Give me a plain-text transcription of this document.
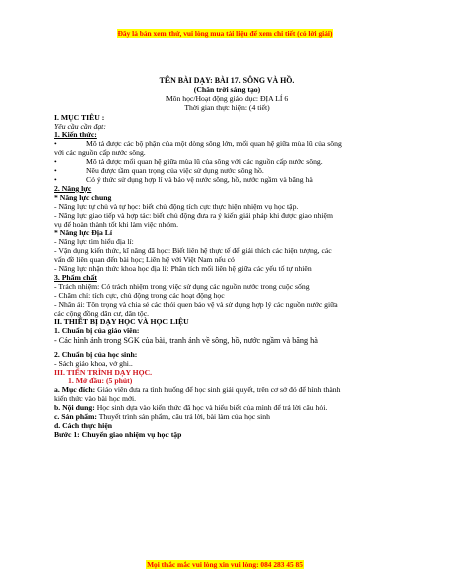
Đây là bản xem thử, vui lòng mua tài liệu để xem chi tiết (có lời giải)

TÊN BÀI DẠY: BÀI 17. SÔNG VÀ HỒ.

(Chân trời sáng tạo)

Môn học/Hoạt động giáo dục: ĐỊA LÍ 6

Thời gian thực hiện: (4 tiết)

I. MỤC TIÊU :

Yêu cầu cần đạt:

1. Kiến thức:

•	Mô tả được các bộ phận của một dòng sông lớn, mối quan hệ giữa mùa lũ của sông

với các nguồn cấp nước sông.

•	Mô tả được mối quan hệ giữa mùa lũ của sông với các nguồn cấp nước sông.
•	Nêu được tầm quan trọng của việc sử dụng nước sông hồ.
•	Có ý thức sử dụng hợp lí và bảo vệ nước sông, hồ, nước ngầm và băng hà

2. Năng lực

* Năng lực chung

- Năng lực tự chủ và tự học: biết chủ động tích cực thực hiện nhiệm vụ học tập.

- Năng lực giao tiếp và hợp tác: biết chủ động đưa ra ý kiến giải pháp khi được giao nhiệm

vụ để hoàn thành tốt khi làm việc nhóm.

* Năng lực Địa Lí

- Năng lực tìm hiểu địa lí:

- Vận dụng kiến thức, kĩ năng đã học: Biết liên hệ thực tế để giải thích các hiện tượng, các

vấn đề liên quan đến bài học; Liên hệ với Việt Nam nếu có

- Năng lực nhận thức khoa học địa lí: Phân tích mối liên hệ giữa các yếu tố tự nhiên

3. Phẩm chất

- Trách nhiệm: Có trách nhiệm trong việc sử dụng các nguồn nước trong cuộc sống

- Chăm chỉ: tích cực, chủ động trong các hoạt động học

- Nhân ái: Tôn trọng và chia sẻ các thói quen bảo vệ và sử dụng hợp lý các nguồn nước giữa

các cộng đồng dân cư, dân tộc.

II. THIẾT BỊ DẠY HỌC VÀ HỌC LIỆU

1. Chuẩn bị của giáo viên:

- Các hình ảnh trong SGK của bài, tranh ảnh về sông, hồ, nước ngầm và băng hà

2. Chuẩn bị của học sinh:

- Sách giáo khoa, vở ghi..

III. TIẾN TRÌNH DẠY HỌC.

1. Mở đầu: (5 phút)

a. Mục đích: Giáo viên đưa ra tình huống để học sinh giải quyết, trên cơ sở đó để hình thành

kiến thức vào bài học mới.

b. Nội dung: Học sinh dựa vào kiến thức đã học và hiểu biết của mình để trả lời câu hỏi.

c. Sản phẩm: Thuyết trình sản phẩm, câu trả lời, bài làm của học sinh

d. Cách thực hiện

Bước 1: Chuyển giao nhiệm vụ học tập

Mọi thắc mắc vui lòng xin vui lòng: 084 283 45 85
